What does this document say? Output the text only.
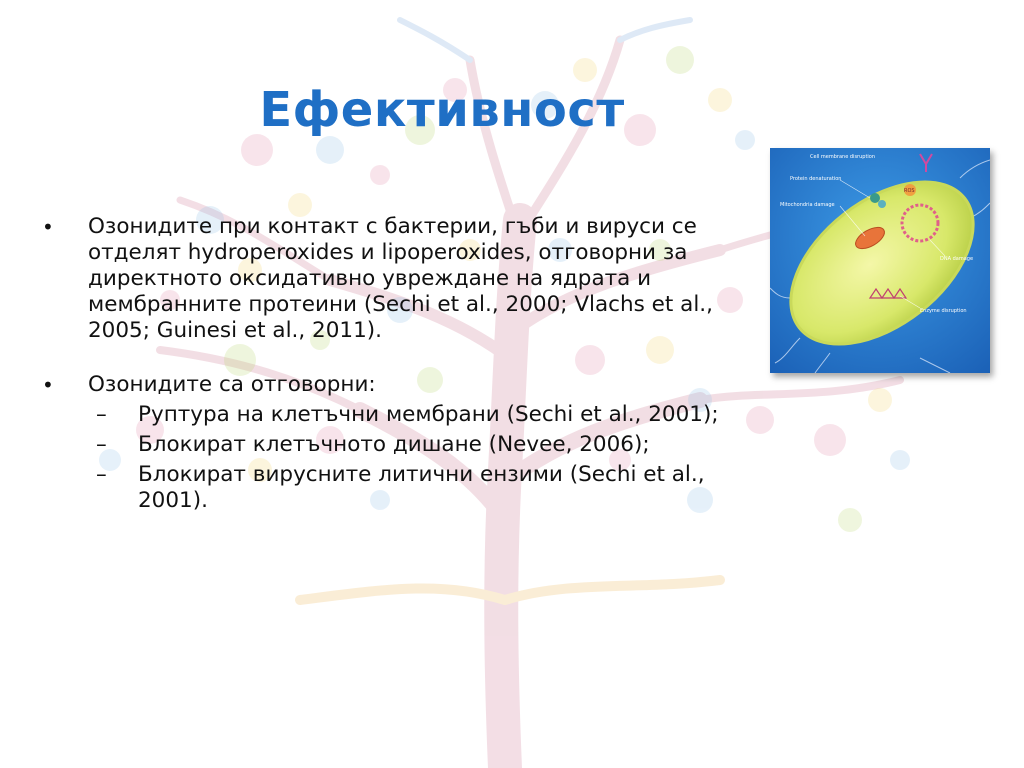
Ефективност
• Озонидите при контакт с бактерии, гъби и вируси се отделят hydroperoxides и lipoperoxides, отговорни за директното оксидативно увреждане на ядрата и мембранните протеини (Sechi et al., 2000; Vlachs et al., 2005; Guinesi et al., 2011).
• Озонидите са отговорни:
– Руптура на клетъчни мембрани (Sechi et al., 2001);
– Блокират клетъчното дишане (Nevee, 2006);
– Блокират вирусните литични ензими (Sechi et al., 2001).
Cell membrane disruption
Protein denaturation
ROS
Mitochondria damage
DNA damage
Enzyme disruption
